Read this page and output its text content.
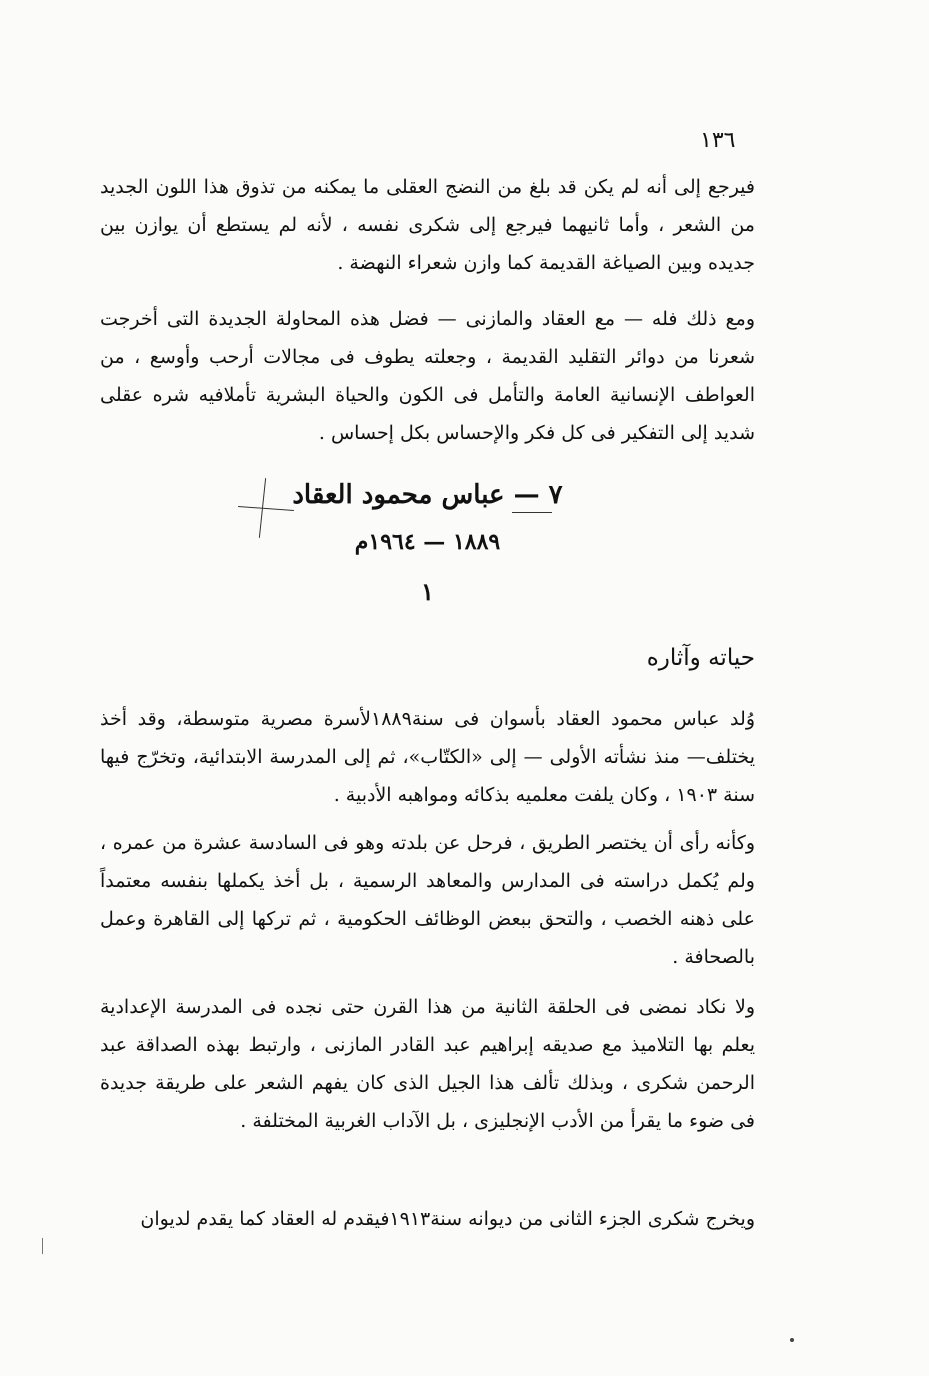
١٣٦

فيرجع إلى أنه لم يكن قد بلغ من النضج العقلى ما يمكنه من تذوق هذا اللون الجديد من الشعر ، وأما ثانيهما فيرجع إلى شكرى نفسه ، لأنه لم يستطع أن يوازن بين جديده وبين الصياغة القديمة كما وازن شعراء النهضة .

ومع ذلك فله — مع العقاد والمازنى — فضل هذه المحاولة الجديدة التى أخرجت شعرنا من دوائر التقليد القديمة ، وجعلته يطوف فى مجالات أرحب وأوسع ، من العواطف الإنسانية العامة والتأمل فى الكون والحياة البشرية تأملافيه شره عقلى شديد إلى التفكير فى كل فكر والإحساس بكل إحساس .

٧ — عباس محمود العقاد
١٨٨٩ — ١٩٦٤م
١
حياته وآثاره

وُلد عباس محمود العقاد بأسوان فى سنة١٨٨٩لأسرة مصرية متوسطة، وقد أخذ يختلف— منذ نشأته الأولى — إلى «الكتّاب»، ثم إلى المدرسة الابتدائية، وتخرّج فيها سنة ١٩٠٣ ، وكان يلفت معلميه بذكائه ومواهبه الأدبية .

وكأنه رأى أن يختصر الطريق ، فرحل عن بلدته وهو فى السادسة عشرة من عمره ، ولم يُكمل دراسته فى المدارس والمعاهد الرسمية ، بل أخذ يكملها بنفسه معتمداً على ذهنه الخصب ، والتحق ببعض الوظائف الحكومية ، ثم تركها إلى القاهرة وعمل بالصحافة .

ولا نكاد نمضى فى الحلقة الثانية من هذا القرن حتى نجده فى المدرسة الإعدادية يعلم بها التلاميذ مع صديقه إبراهيم عبد القادر المازنى ، وارتبط بهذه الصداقة عبد الرحمن شكرى ، وبذلك تألف هذا الجيل الذى كان يفهم الشعر على طريقة جديدة فى ضوء ما يقرأ من الأدب الإنجليزى ، بل الآداب الغربية المختلفة .

ويخرج شكرى الجزء الثانى من ديوانه سنة١٩١٣فيقدم له العقاد كما يقدم لديوان
